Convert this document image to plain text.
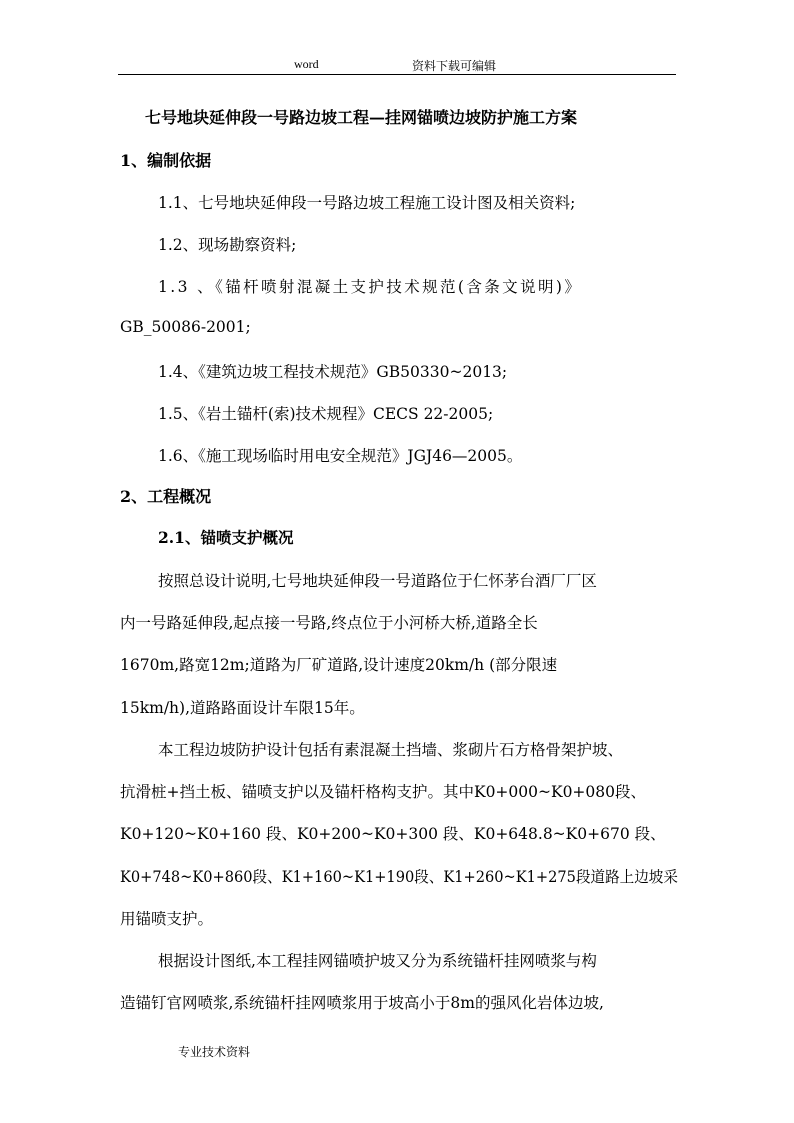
word	资料下载可编辑
七号地块延伸段一号路边坡工程—挂网锚喷边坡防护施工方案
1、编制依据
1.1、七号地块延伸段一号路边坡工程施工设计图及相关资料;
1.2、现场勘察资料;
1.3 、《锚杆喷射混凝土支护技术规范(含条文说明)》
GB_50086-2001;
1.4、《建筑边坡工程技术规范》GB50330~2013;
1.5、《岩土锚杆(索)技术规程》CECS 22-2005;
1.6、《施工现场临时用电安全规范》JGJ46—2005。
2、工程概况
2.1、锚喷支护概况
按照总设计说明,七号地块延伸段一号道路位于仁怀茅台酒厂厂区
内一号路延伸段,起点接一号路,终点位于小河桥大桥,道路全长
1670m,路宽12m;道路为厂矿道路,设计速度20km/h (部分限速
15km/h),道路路面设计车限15年。
本工程边坡防护设计包括有素混凝土挡墙、浆砌片石方格骨架护坡、
抗滑桩+挡土板、锚喷支护以及锚杆格构支护。其中K0+000~K0+080段、
K0+120~K0+160 段、K0+200~K0+300 段、K0+648.8~K0+670 段、
K0+748~K0+860段、K1+160~K1+190段、K1+260~K1+275段道路上边坡采
用锚喷支护。
根据设计图纸,本工程挂网锚喷护坡又分为系统锚杆挂网喷浆与构
造锚钉官网喷浆,系统锚杆挂网喷浆用于坡高小于8m的强风化岩体边坡,
专业技术资料
